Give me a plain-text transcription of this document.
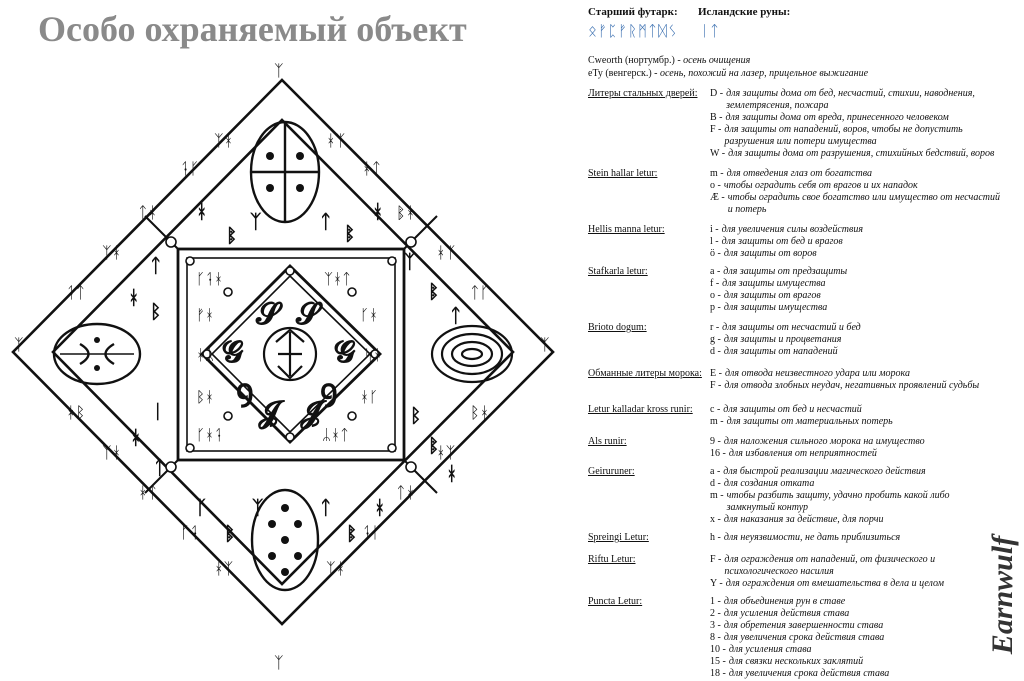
Особо охраняемый объект
𝓢 𝓢
𝓖	𝓖
ꝯ ꝯ
𝓙 𝓙
ᚴᛑᚼ	ᛉᚼᛏ
ᚠᚼ	ᚴᚼ
ᚼᛦ	ᛋᚼ
ᛒᚼ	ᚼᚴ
ᚴᚼᛑ	ᛦᚼᛏ
ᚼ
ᛔ
ᛉ	ᛏ
ᛔ
ᚼ
ᛏ
ᚼ
ᛒ
ᛉ
ᛔ
ᛏ
ᛁ
ᚼ
ᛏ
ᛒ
ᛔ
ᚼ
ᚴ
ᛔ
ᛉ	ᛏ
ᛔ
ᚼ
ᛉᚼ	ᚼᛉ
ᛑᚴ	ᚼᛏ
ᛏᚼ	ᛔᚼ
ᛉᚼ	ᚼᛉ
ᛑᛏ	ᛏᚴ
ᛉ	ᛉ
ᚼᛒ	ᛒᚼ
ᛉᚼ	ᚼᛉ
ᚼᛏ	ᛏᚼ
ᚴᛑ	ᛑᚴ
ᚼᛉ	ᛉᚼ
ᛉ
ᛉ
Старший футарк: Исландские руны:
ᛟᚠᛈᚠᚱᛗᛏᛞᛊ ᛁᛏ
Cweorth (нортумбр.) - осень очищения
eTy (венгерск.) - осень, похожий на лазер, прицельное выжигание
Литеры стальных дверей: D - для защиты дома от бед, несчастий, стихии, наводнения, землетрясения, пожара
B - для защиты дома от вреда, принесенного человеком
F - для защиты от нападений, воров, чтобы не допустить разрушения или потери имущества
W - для защиты дома от разрушения, стихийных бедствий, воров
Stein hallar letur:	m - для отведения глаз от богатства
o - чтобы оградить себя от врагов и их нападок
Æ - чтобы оградить свое богатство или имущество от несчастий и потерь
Hellis manna letur:	i - для увеличения силы воздействия
l - для защиты от бед и врагов
ö - для защиты от воров
Stafkarla letur:	a - для защиты от предзащиты
f - для защиты имущества
o - для защиты от врагов
p - для защиты имущества
Brioto dogum:	r - для защиты от несчастий и бед
g - для защиты и процветания
d - для защиты от нападений
Обманные литеры морока: E - для отвода неизвестного удара или морока
F - для отвода злобных неудач, негативных проявлений судьбы
Letur kalladar kross runir: c - для защиты от бед и несчастий
m - для защиты от материальных потерь
Als runir:	9 - для наложения сильного морока на имущество
16 - для избавления от неприятностей
Geiruruner:	a - для быстрой реализации магического действия
d - для создания отката
m - чтобы разбить защиту, удачно пробить какой либо замкнутый контур
x - для наказания за действие, для порчи
Spreingi Letur:	h - для неуязвимости, не дать приблизиться
Riftu Letur:	F - для ограждения от нападений, от физического и психологического насилия
Y - для ограждения от вмешательства в дела и целом
Puncta Letur:	1 - для объединения рун в ставе
2 - для усиления действия става
3 - для обретения завершенности става
8 - для увеличения срока действия става
10 - для усиления става
15 - для связки нескольких заклятий
18 - для увеличения срока действия става
Earnwulf
